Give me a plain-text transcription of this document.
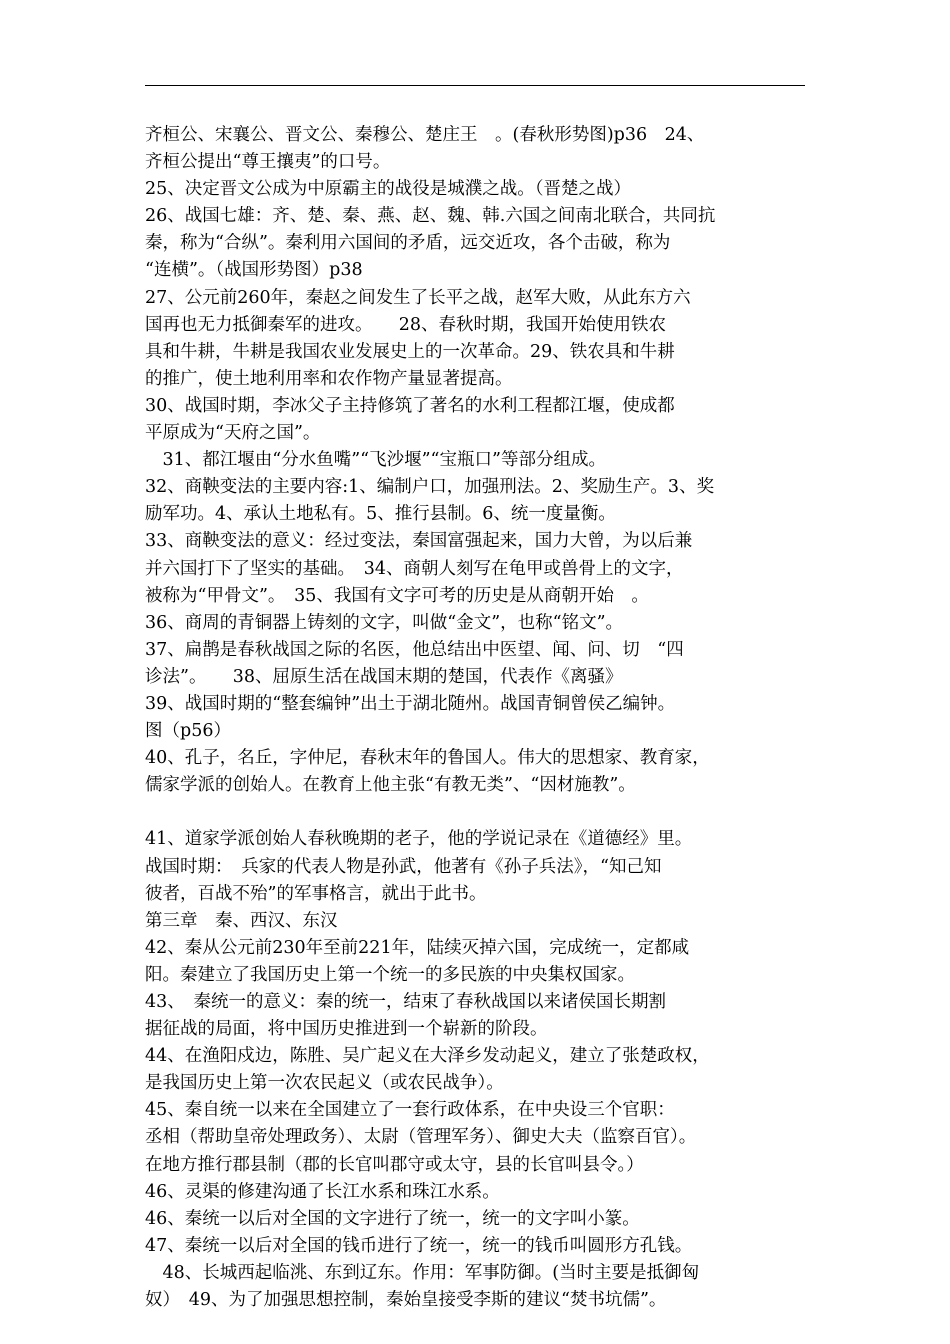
齐桓公、宋襄公、晋文公、秦穆公、楚庄王　。(春秋形势图)p36　24、
齐桓公提出“尊王攘夷”的口号。
25、决定晋文公成为中原霸主的战役是城濮之战。（晋楚之战）
26、战国七雄：齐、楚、秦、燕、赵、魏、韩.六国之间南北联合，共同抗
秦，称为“合纵”。秦利用六国间的矛盾，远交近攻，各个击破，称为
“连横”。（战国形势图）p38
27、公元前260年，秦赵之间发生了长平之战，赵军大败，从此东方六
国再也无力抵御秦军的进攻。　　28、春秋时期，我国开始使用铁农
具和牛耕，牛耕是我国农业发展史上的一次革命。29、铁农具和牛耕
的推广，使土地利用率和农作物产量显著提高。
30、战国时期，李冰父子主持修筑了著名的水利工程都江堰，使成都
平原成为“天府之国”。
　31、都江堰由“分水鱼嘴”“飞沙堰”“宝瓶口”等部分组成。
32、商鞅变法的主要内容:1、编制户口，加强刑法。2、奖励生产。3、奖
励军功。4、承认土地私有。5、推行县制。6、统一度量衡。
33、商鞅变法的意义：经过变法，秦国富强起来，国力大曾，为以后兼
并六国打下了坚实的基础。　34、商朝人刻写在龟甲或兽骨上的文字，
被称为“甲骨文”。　35、我国有文字可考的历史是从商朝开始　。
36、商周的青铜器上铸刻的文字，叫做“金文”，也称“铭文”。
37、扁鹊是春秋战国之际的名医，他总结出中医望、闻、问、切　“四
诊法”。　　38、屈原生活在战国末期的楚国，代表作《离骚》
39、战国时期的“整套编钟”出土于湖北随州。战国青铜曾侯乙编钟。
图（p56）
40、孔子，名丘，字仲尼，春秋末年的鲁国人。伟大的思想家、教育家，
儒家学派的创始人。在教育上他主张“有教无类”、“因材施教”。
41、道家学派创始人春秋晚期的老子，他的学说记录在《道德经》里。
战国时期：　兵家的代表人物是孙武，他著有《孙子兵法》，“知己知
彼者，百战不殆”的军事格言，就出于此书。
第三章　秦、西汉、东汉
42、秦从公元前230年至前221年，陆续灭掉六国，完成统一，定都咸
阳。秦建立了我国历史上第一个统一的多民族的中央集权国家。
43、　秦统一的意义：秦的统一，结束了春秋战国以来诸侯国长期割
据征战的局面，将中国历史推进到一个崭新的阶段。
44、在渔阳戍边，陈胜、吴广起义在大泽乡发动起义，建立了张楚政权，
是我国历史上第一次农民起义（或农民战争）。
45、秦自统一以来在全国建立了一套行政体系，在中央设三个官职：
丞相（帮助皇帝处理政务）、太尉（管理军务）、御史大夫（监察百官）。
在地方推行郡县制（郡的长官叫郡守或太守，县的长官叫县令。）
46、灵渠的修建沟通了长江水系和珠江水系。
46、秦统一以后对全国的文字进行了统一，统一的文字叫小篆。
47、秦统一以后对全国的钱币进行了统一，统一的钱币叫圆形方孔钱。
　48、长城西起临洮、东到辽东。作用：军事防御。(当时主要是抵御匈
奴）　49、为了加强思想控制，秦始皇接受李斯的建议“焚书坑儒”。
